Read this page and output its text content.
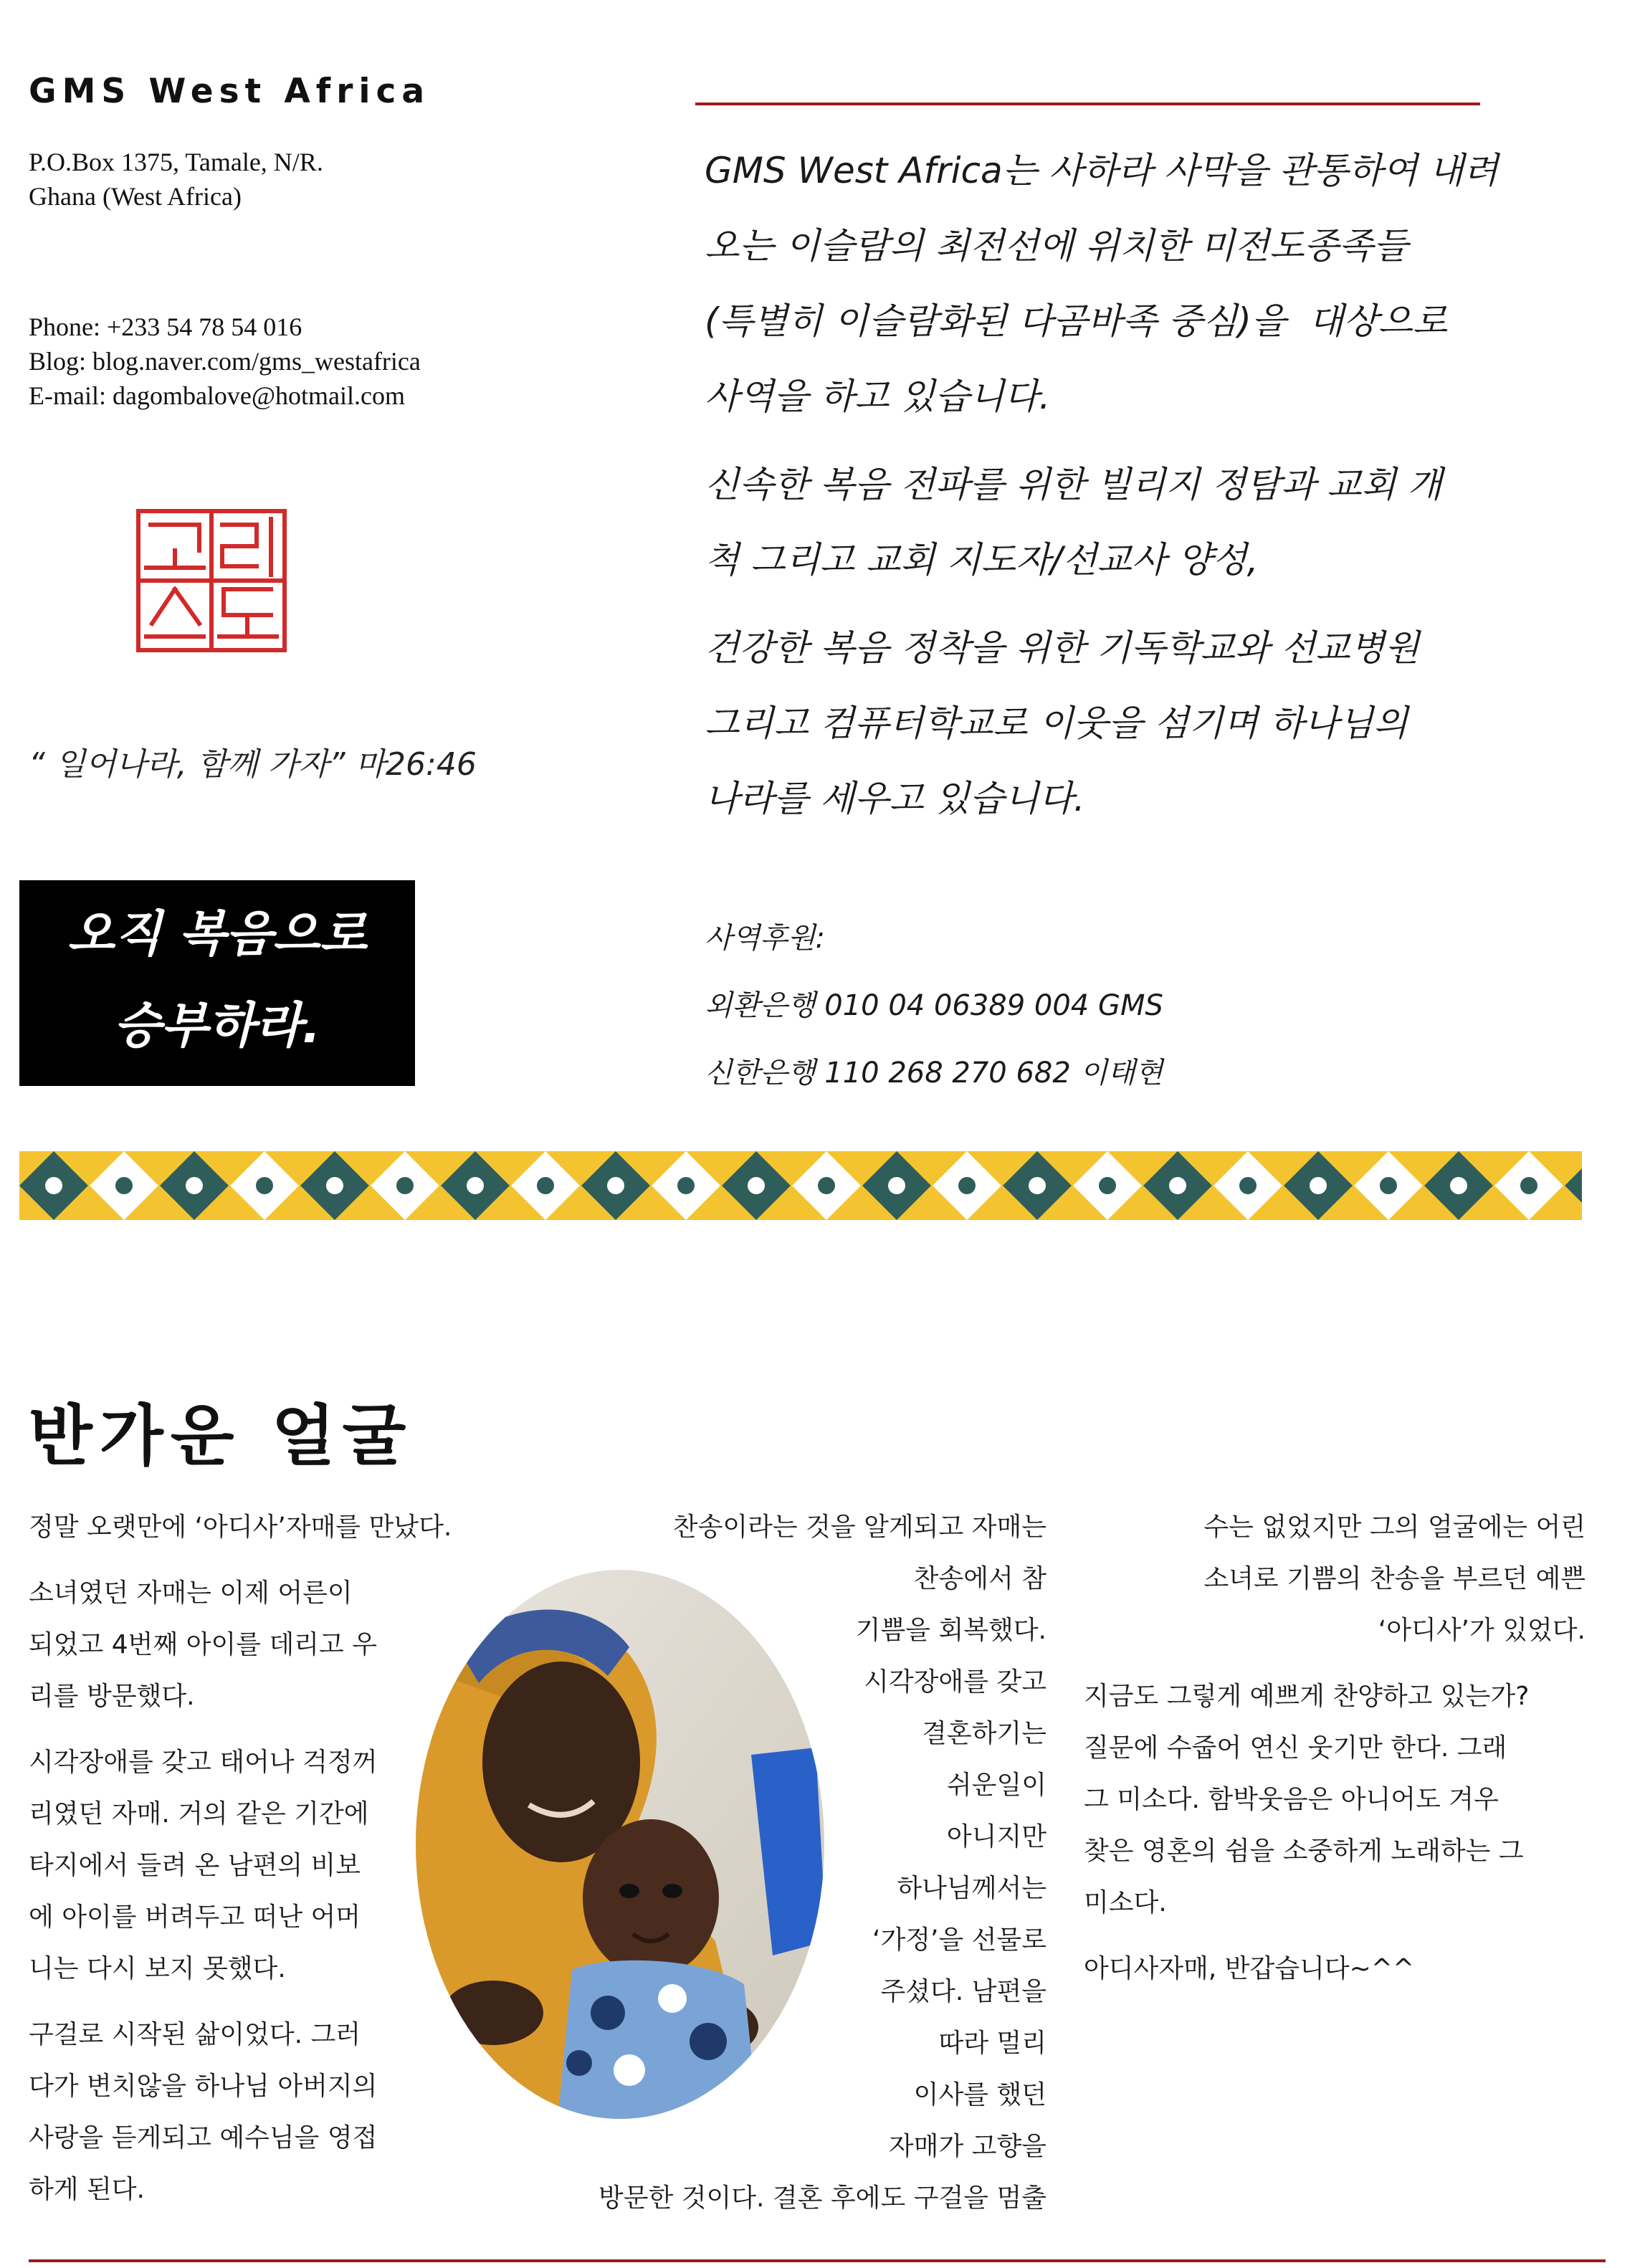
GMS West Africa
P.O.Box 1375, Tamale, N/R.
Ghana (West Africa)
Phone: +233 54 78 54 016
Blog: blog.naver.com/gms_westafrica
E-mail: dagombalove@hotmail.com
“ 일어나라, 함께 가자” 마26:46
오직 복음으로
승부하라.

GMS West Africa는 사하라 사막을 관통하여 내려
오는 이슬람의 최전선에 위치한 미전도종족들
(특별히 이슬람화된 다곰바족 중심)을  대상으로
사역을 하고 있습니다.

신속한 복음 전파를 위한 빌리지 정탐과 교회 개
척 그리고 교회 지도자/선교사 양성,

건강한 복음 정착을 위한 기독학교와 선교병원
그리고 컴퓨터학교로 이웃을 섬기며 하나님의
나라를 세우고 있습니다.

사역후원:
외환은행 010 04 06389 004 GMS
신한은행 110 268 270 682 이태현
반가운 얼굴

정말 오랫만에 ‘아디사’자매를 만났다.

소녀였던 자매는 이제 어른이
되었고 4번째 아이를 데리고 우
리를 방문했다.

시각장애를 갖고 태어나 걱정꺼
리였던 자매. 거의 같은 기간에
타지에서 들려 온 남편의 비보
에 아이를 버려두고 떠난 어머
니는 다시 보지 못했다.

구걸로 시작된 삶이었다. 그러
다가 변치않을 하나님 아버지의
사랑을 듣게되고 예수님을 영접
하게 된다.

찬송이라는 것을 알게되고 자매는
찬송에서 참
기쁨을 회복했다.
시각장애를 갖고
결혼하기는
쉬운일이
아니지만
하나님께서는
‘가정’을 선물로
주셨다. 남편을
따라 멀리
이사를 했던
자매가 고향을
방문한 것이다. 결혼 후에도 구걸을 멈출

수는 없었지만 그의 얼굴에는 어린
소녀로 기쁨의 찬송을 부르던 예쁜
‘아디사’가 있었다.

지금도 그렇게 예쁘게 찬양하고 있는가?
질문에 수줍어 연신 웃기만 한다. 그래
그 미소다. 함박웃음은 아니어도 겨우
찾은 영혼의 쉼을 소중하게 노래하는 그
미소다.

아디사자매, 반갑습니다~^^
